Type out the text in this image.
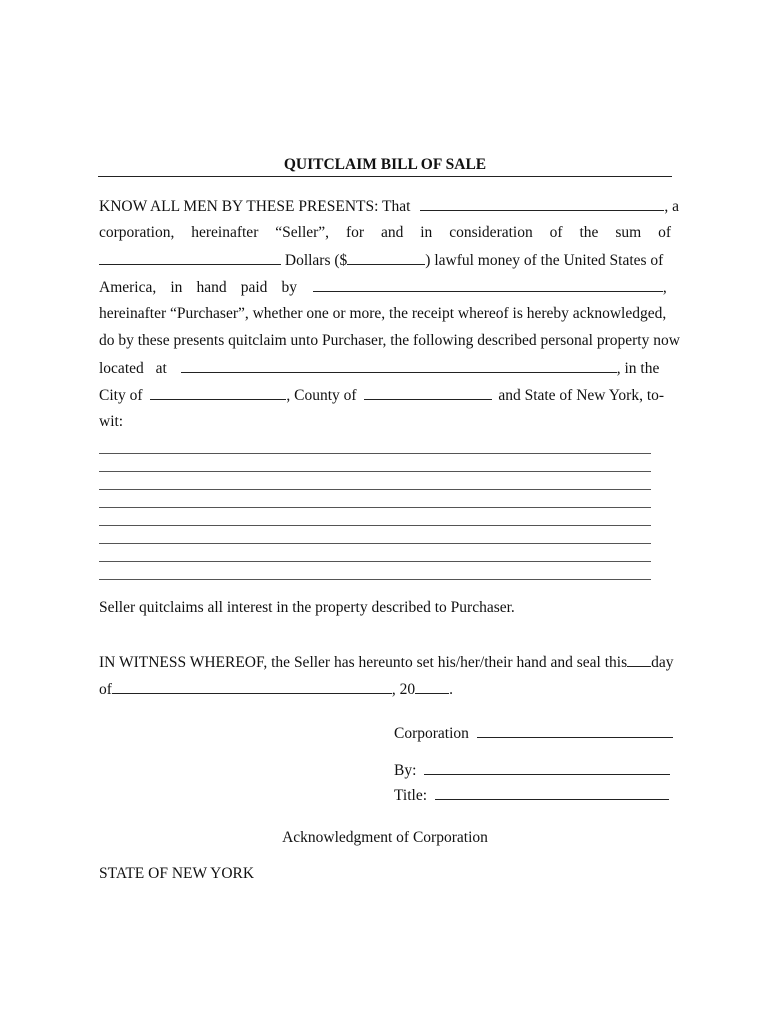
QUITCLAIM BILL OF SALE
KNOW ALL MEN BY THESE PRESENTS: That	, a
corporation, hereinafter “Seller”, for and in consideration of the sum of
Dollars ($	) lawful money of the United States of
America, in hand paid by	,
hereinafter “Purchaser”, whether one or more, the receipt whereof is hereby acknowledged,
do by these presents quitclaim unto Purchaser, the following described personal property now
located at	, in the
City of	, County of	and State of New York, to-
wit:
Seller quitclaims all interest in the property described to Purchaser.
IN WITNESS WHEREOF, the Seller has hereunto set his/her/their hand and seal this day
of	, 20 .
Corporation
By:
Title:
Acknowledgment of Corporation
STATE OF NEW YORK
